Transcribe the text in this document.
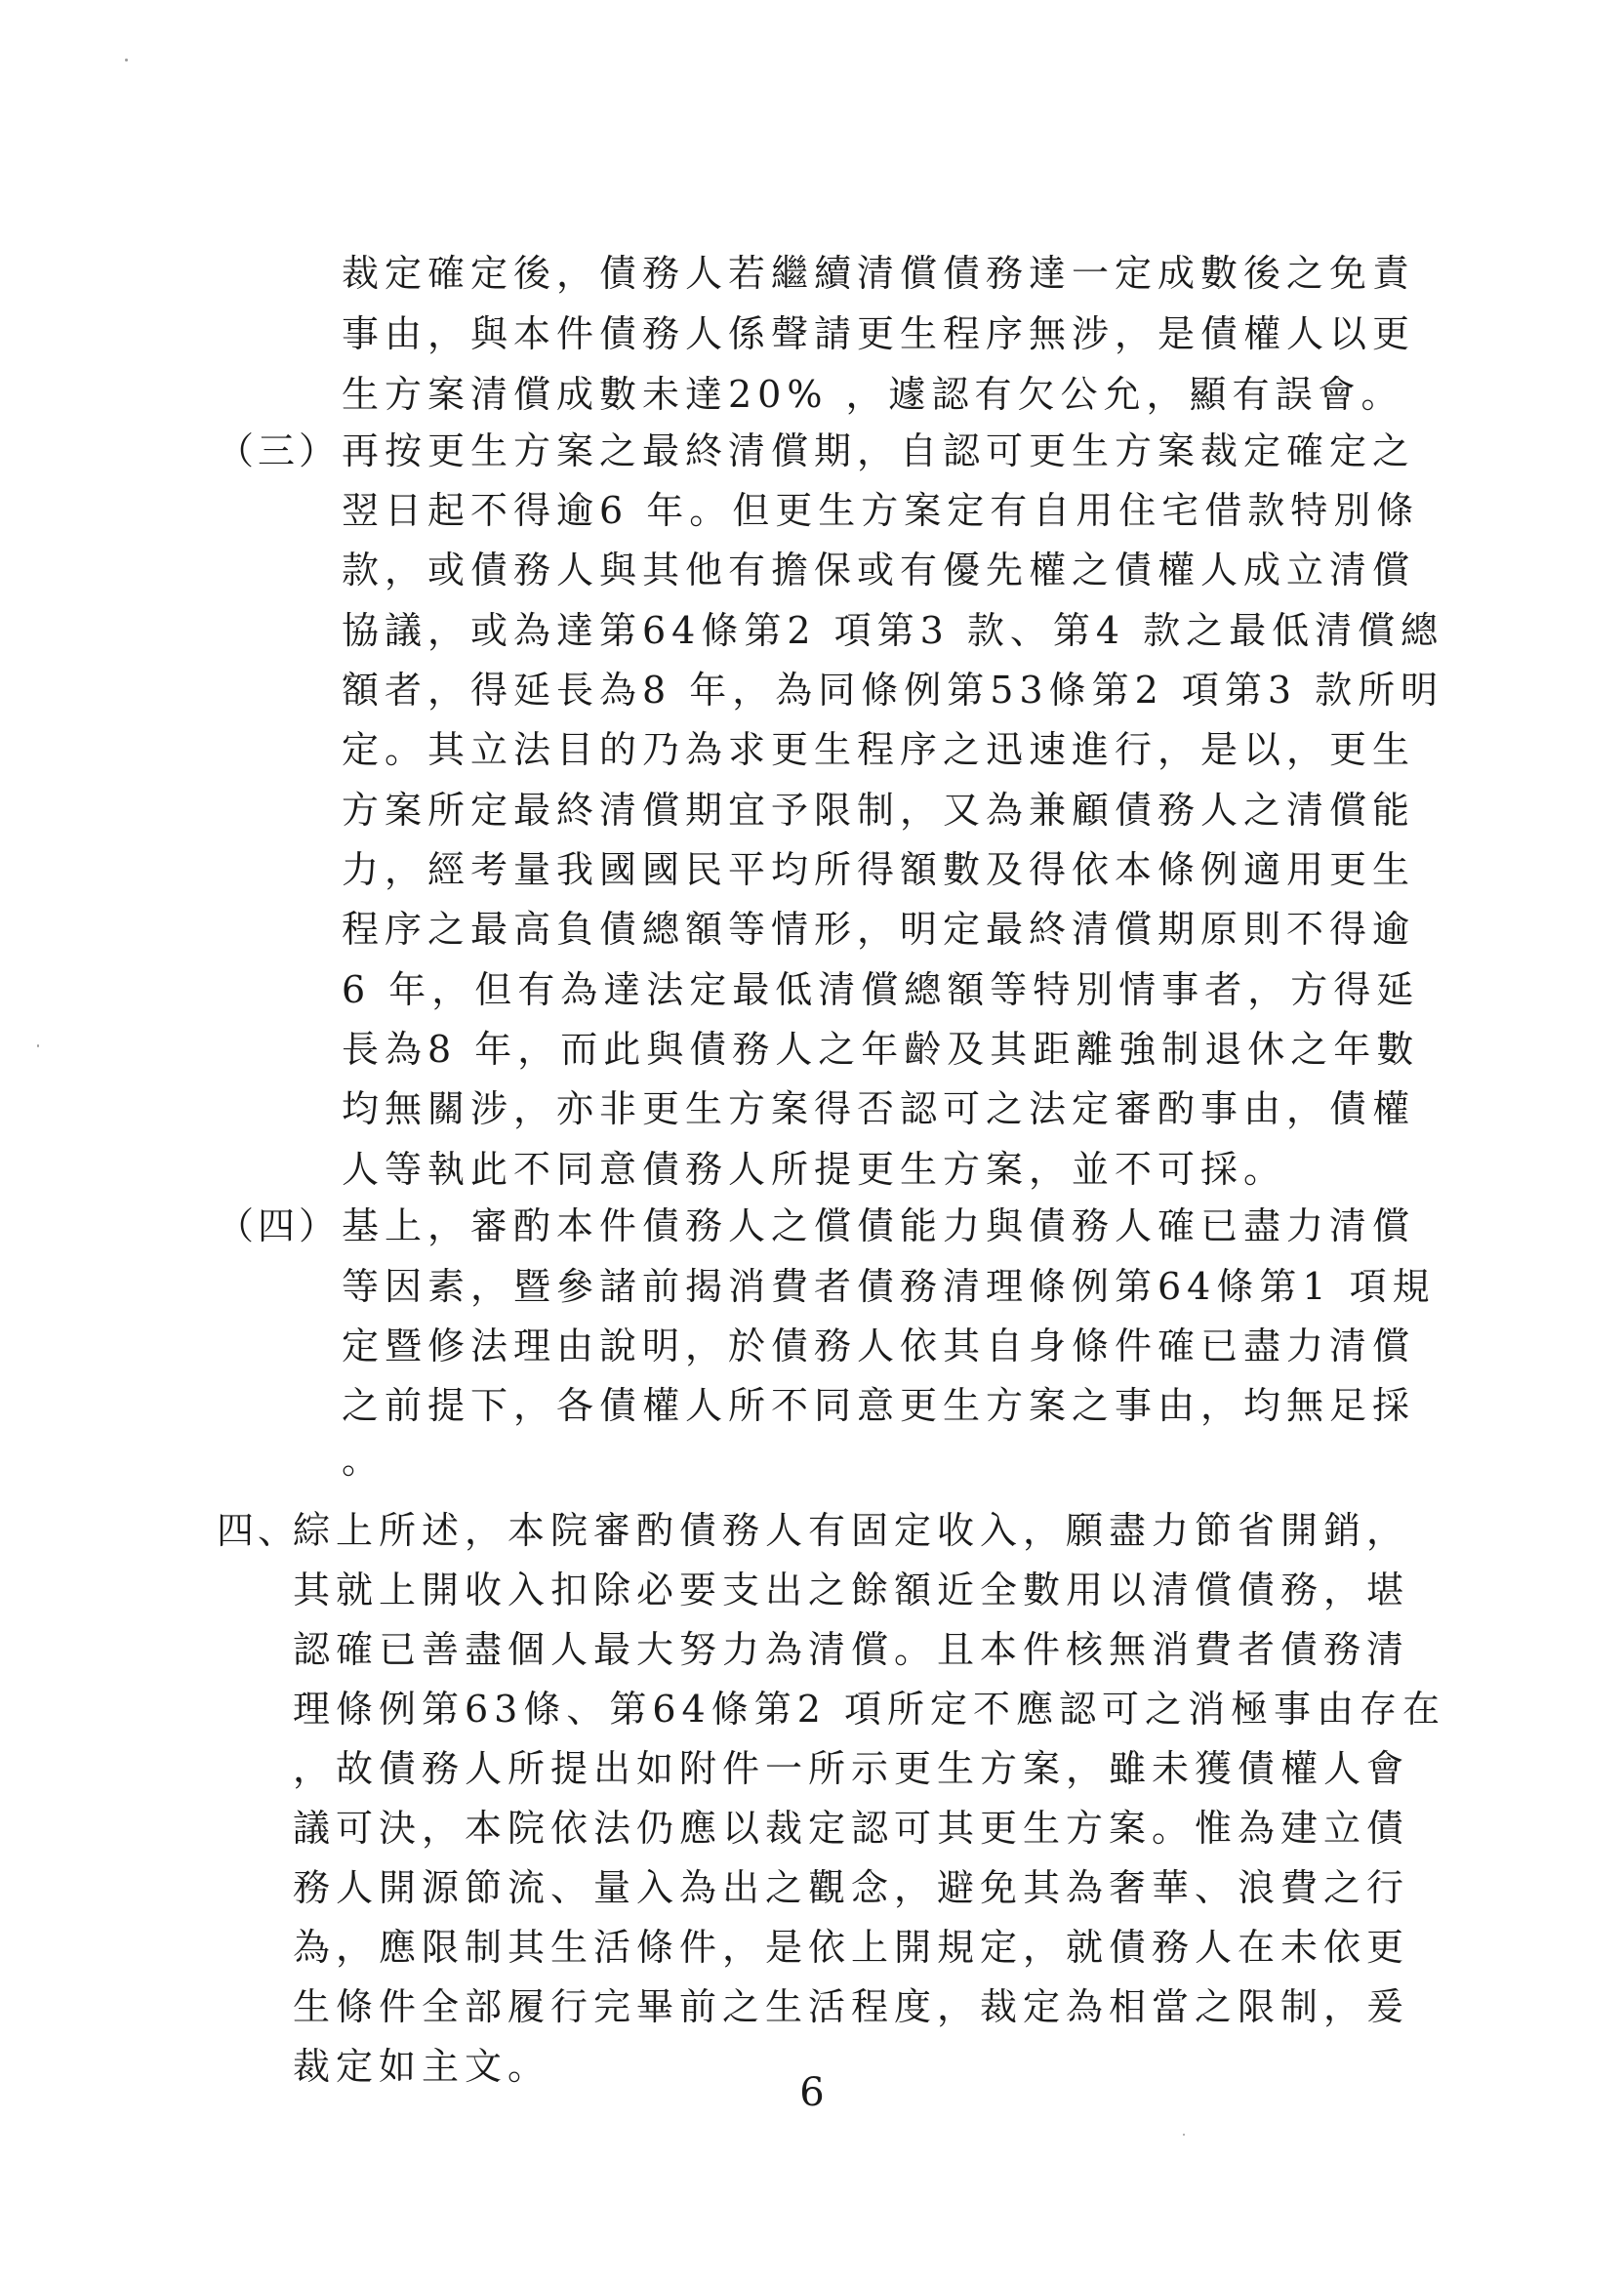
裁定確定後，債務人若繼續清償債務達一定成數後之免責
事由，與本件債務人係聲請更生程序無涉，是債權人以更
生方案清償成數未達20% ，遽認有欠公允，顯有誤會。
（三） 再按更生方案之最終清償期，自認可更生方案裁定確定之
翌日起不得逾6 年。但更生方案定有自用住宅借款特別條
款，或債務人與其他有擔保或有優先權之債權人成立清償
協議，或為達第64條第2 項第3 款、第4 款之最低清償總
額者，得延長為8 年，為同條例第53條第2 項第3 款所明
定。其立法目的乃為求更生程序之迅速進行，是以，更生
方案所定最終清償期宜予限制，又為兼顧債務人之清償能
力，經考量我國國民平均所得額數及得依本條例適用更生
程序之最高負債總額等情形，明定最終清償期原則不得逾
6 年，但有為達法定最低清償總額等特別情事者，方得延
長為8 年，而此與債務人之年齡及其距離強制退休之年數
均無關涉，亦非更生方案得否認可之法定審酌事由，債權
人等執此不同意債務人所提更生方案，並不可採。
（四） 基上，審酌本件債務人之償債能力與債務人確已盡力清償
等因素，暨參諸前揭消費者債務清理條例第64條第1 項規
定暨修法理由說明，於債務人依其自身條件確已盡力清償
之前提下，各債權人所不同意更生方案之事由，均無足採
。
四、
綜上所述，本院審酌債務人有固定收入，願盡力節省開銷，
其就上開收入扣除必要支出之餘額近全數用以清償債務，堪
認確已善盡個人最大努力為清償。且本件核無消費者債務清
理條例第63條、第64條第2 項所定不應認可之消極事由存在
，故債務人所提出如附件一所示更生方案，雖未獲債權人會
議可決，本院依法仍應以裁定認可其更生方案。惟為建立債
務人開源節流、量入為出之觀念，避免其為奢華、浪費之行
為，應限制其生活條件，是依上開規定，就債務人在未依更
生條件全部履行完畢前之生活程度，裁定為相當之限制，爰
裁定如主文。
6
